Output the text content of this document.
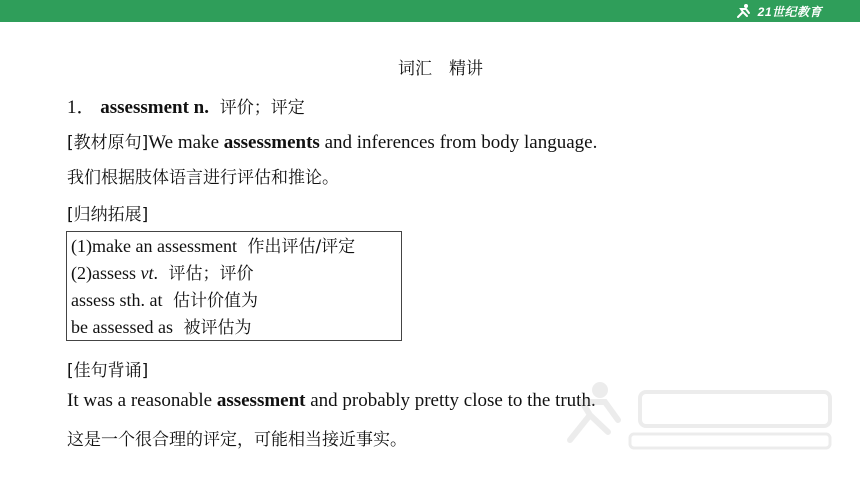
21世纪教育
词汇　精讲
1． assessment n. 评价；评定
[教材原句]We make assessments and inferences from body language.
我们根据肢体语言进行评估和推论。
[归纳拓展]
(1)make an assessment 作出评估/评定
(2)assess vt. 评估；评价
assess sth. at 估计价值为
be assessed as 被评估为
[佳句背诵]
It was a reasonable assessment and probably pretty close to the truth.
这是一个很合理的评定，可能相当接近事实。
